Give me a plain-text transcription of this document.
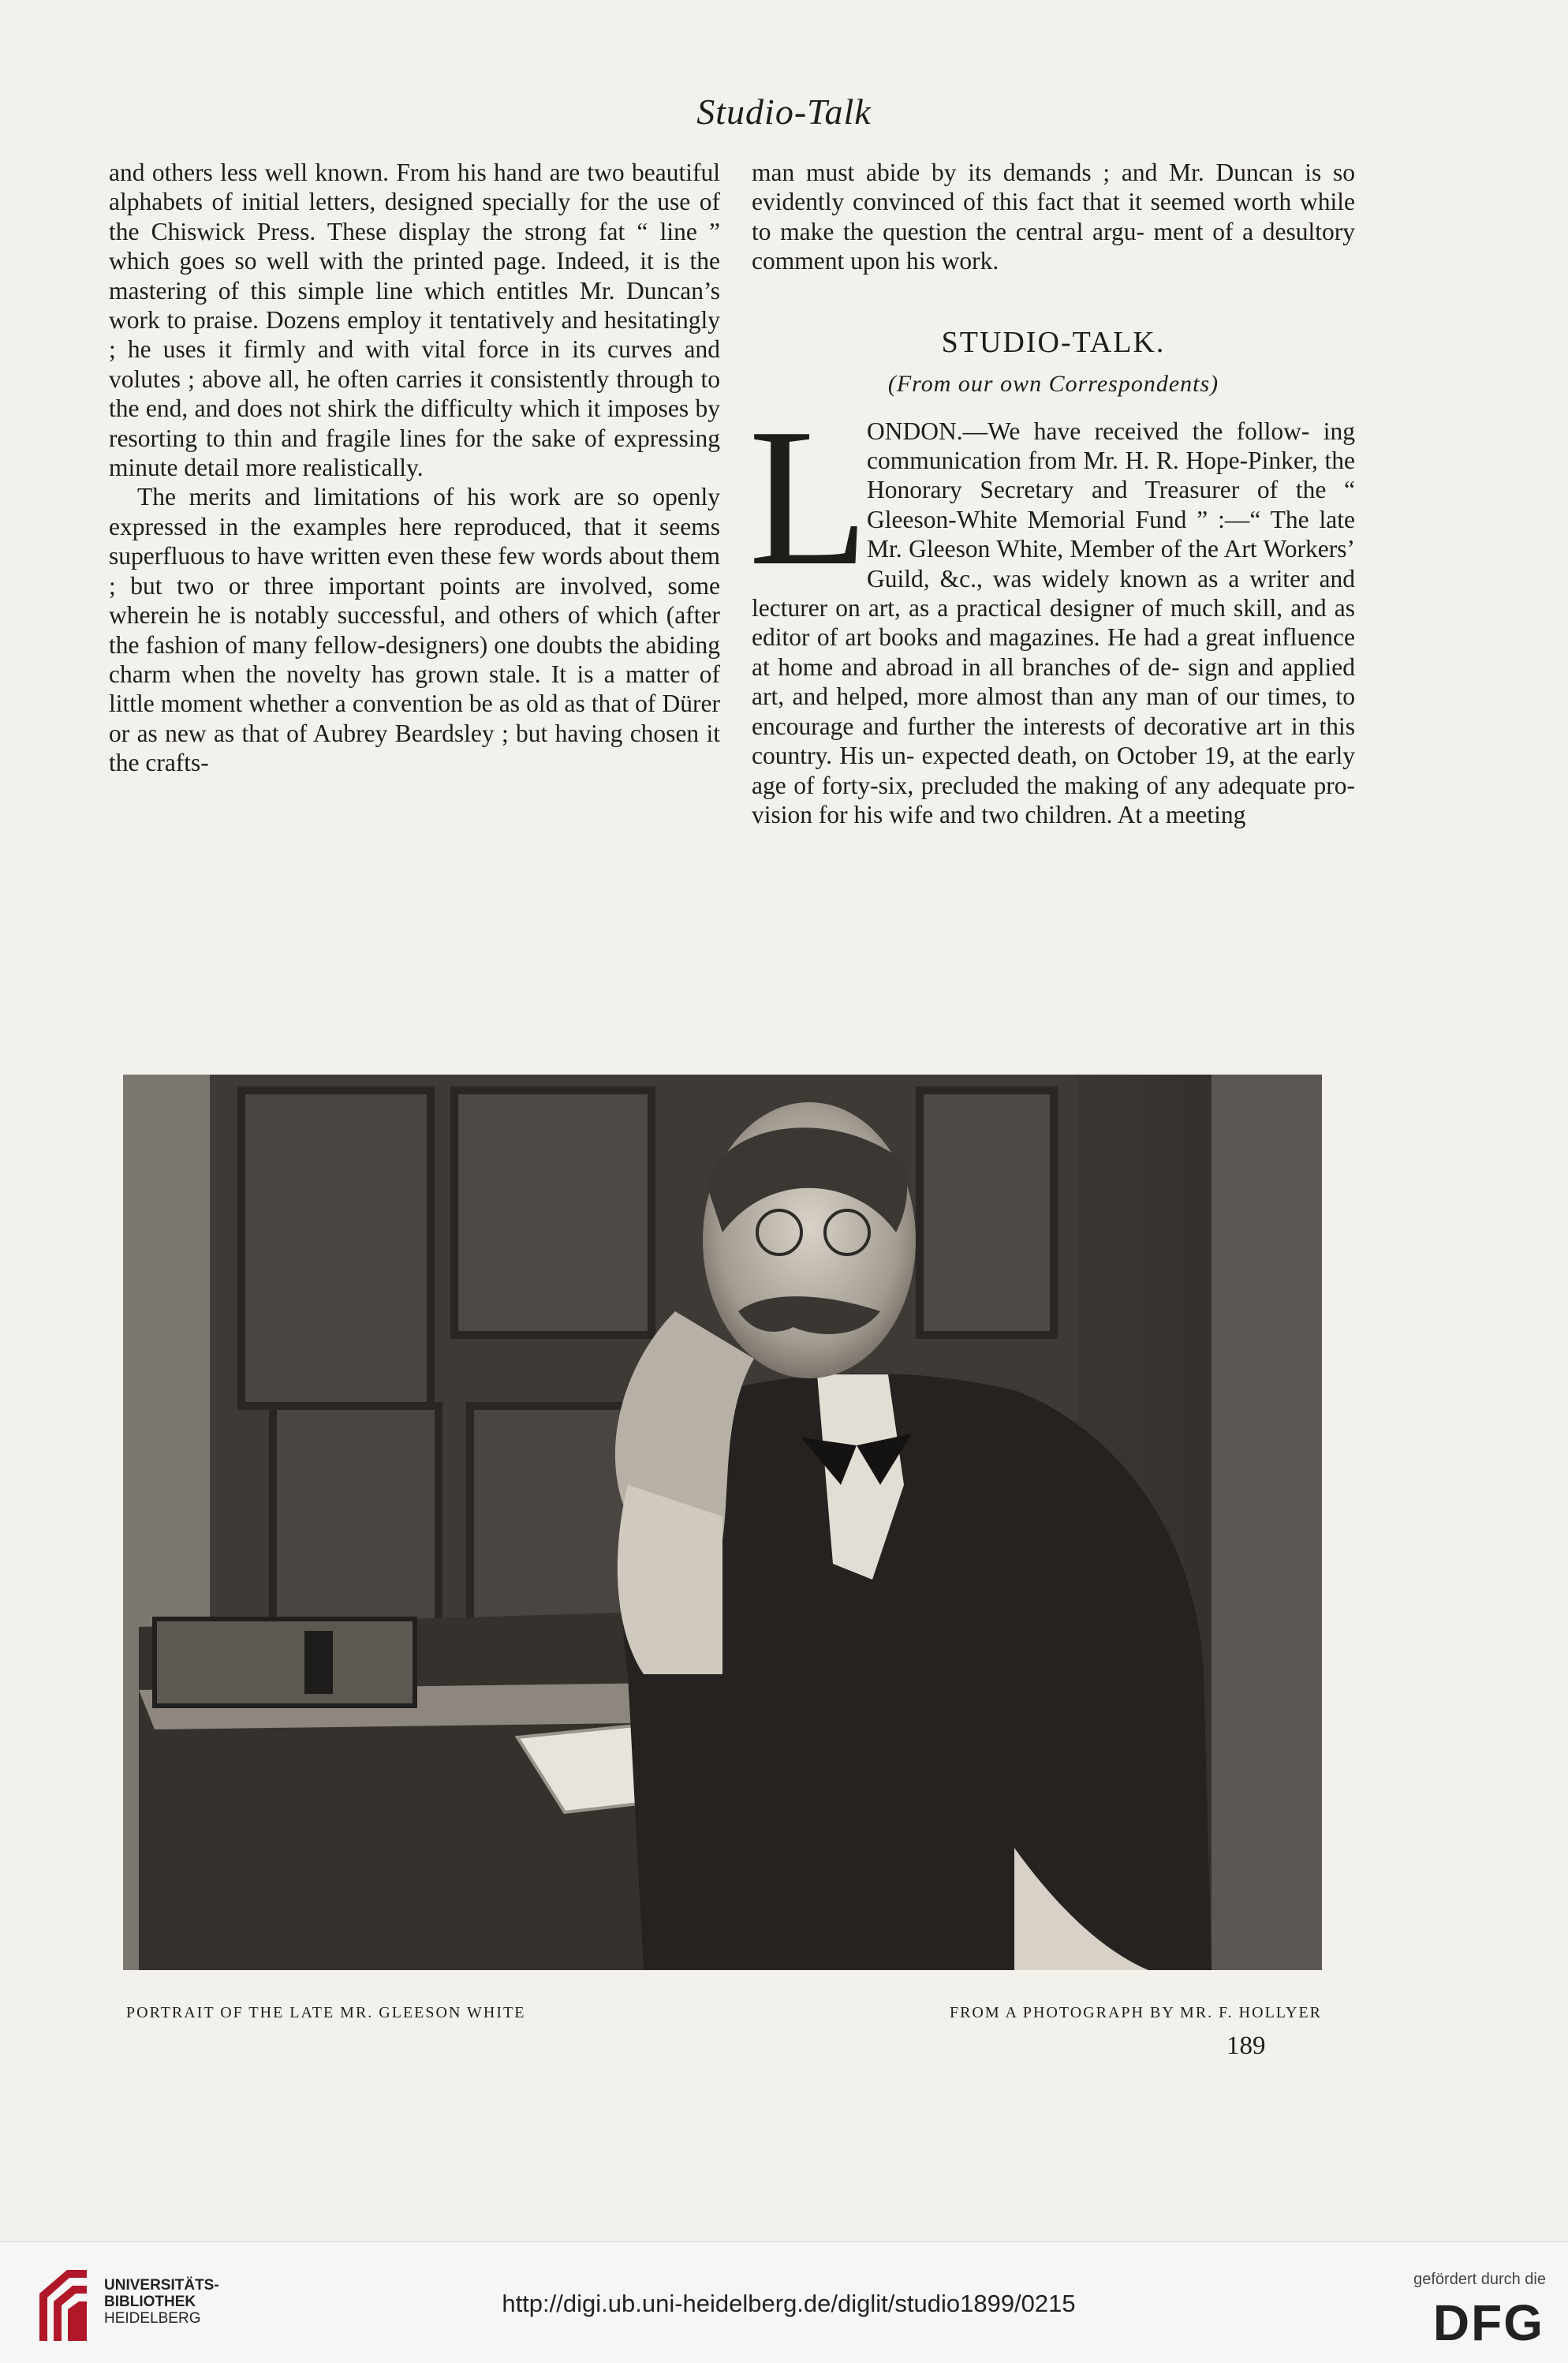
Studio-Talk

and others less well known. From his hand are two beautiful alphabets of initial letters, designed specially for the use of the Chiswick Press. These display the strong fat “ line ” which goes so well with the printed page. Indeed, it is the mastering of this simple line which entitles Mr. Duncan’s work to praise. Dozens employ it tentatively and hesitatingly ; he uses it firmly and with vital force in its curves and volutes ; above all, he often carries it consistently through to the end, and does not shirk the difficulty which it imposes by resorting to thin and fragile lines for the sake of expressing minute detail more realistically.

The merits and limitations of his work are so openly expressed in the examples here reproduced, that it seems superfluous to have written even these few words about them ; but two or three important points are involved, some wherein he is notably successful, and others of which (after the fashion of many fellow-designers) one doubts the abiding charm when the novelty has grown stale. It is a matter of little moment whether a convention be as old as that of Dürer or as new as that of Aubrey Beardsley ; but having chosen it the crafts-

man must abide by its demands ; and Mr. Duncan is so evidently convinced of this fact that it seemed worth while to make the question the central argu- ment of a desultory comment upon his work.

STUDIO-TALK.

(From our own Correspondents)

L
ONDON.—We have received the follow- ing communication from Mr. H. R. Hope-Pinker, the Honorary Secretary and Treasurer of the “ Gleeson-White Memorial Fund ” :—“ The late Mr. Gleeson White, Member of the Art Workers’ Guild, &c., was widely known as a writer and lecturer on art, as a practical designer of much skill, and as editor of art books and magazines. He had a great influence at home and abroad in all branches of de- sign and applied art, and helped, more almost than any man of our times, to encourage and further the interests of decorative art in this country. His un- expected death, on October 19, at the early age of forty-six, precluded the making of any adequate pro- vision for his wife and two children. At a meeting

PORTRAIT OF THE LATE MR. GLEESON WHITE	FROM A PHOTOGRAPH BY MR. F. HOLLYER
189
UNIVERSITÄTS-
BIBLIOTHEK
HEIDELBERG
http://digi.ub.uni-heidelberg.de/diglit/studio1899/0215
gefördert durch die
DFG
